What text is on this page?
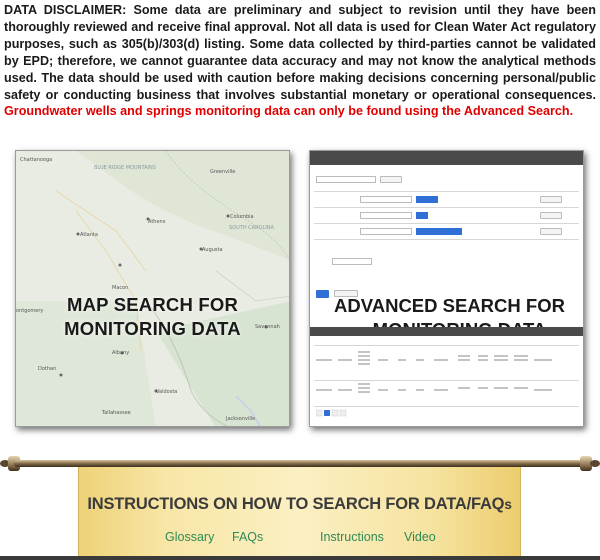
DATA DISCLAIMER: Some data are preliminary and subject to revision until they have been thoroughly reviewed and receive final approval. Not all data is used for Clean Water Act regulatory purposes, such as 305(b)/303(d) listing. Some data collected by third-parties cannot be validated by EPD; therefore, we cannot guarantee data accuracy and may not know the analytical methods used. The data should be used with caution before making decisions concerning personal/public safety or conducting business that involves substantial monetary or operational consequences. Groundwater wells and springs monitoring data can only be found using the Advanced Search.
Chattanooga
BLUE RIDGE MOUNTAINS
Greenville
Athens
Atlanta
Columbia
SOUTH CAROLINA
Augusta
Macon
Savannah
ontgomery
Albany
Dothan
Valdosta
Tallahassee
Jacksonville
MAP SEARCH FOR
MONITORING DATA
ADVANCED SEARCH FOR
INSTRUCTIONS ON HOW TO SEARCH FOR DATA/FAQs
Glossary FAQs	Instructions Video
